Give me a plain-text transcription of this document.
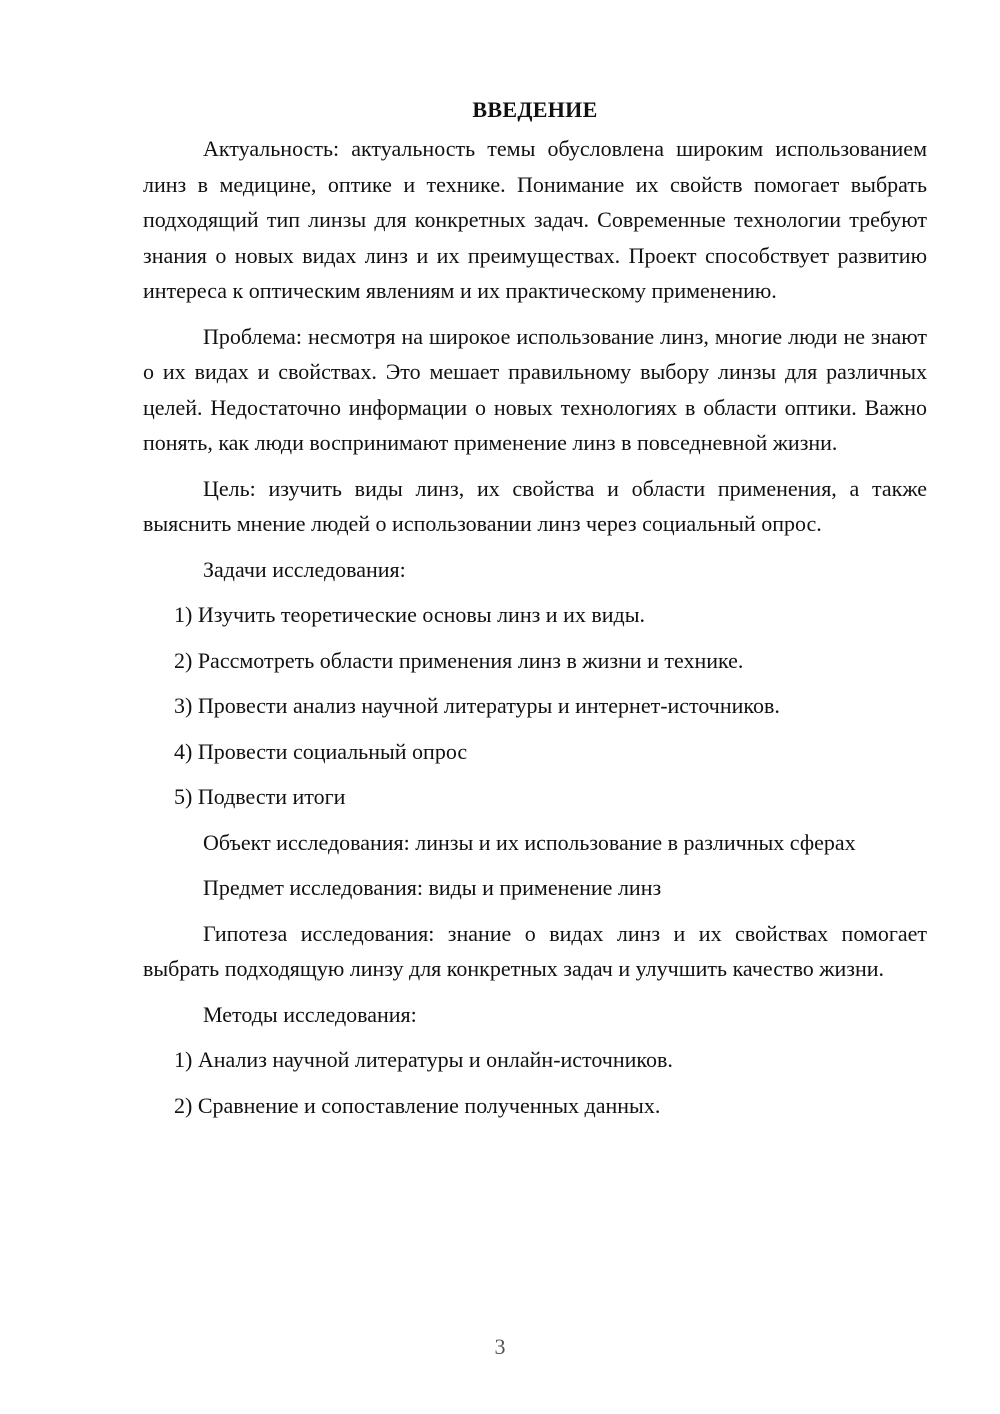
ВВЕДЕНИЕ

Актуальность: актуальность темы обусловлена широким использованием линз в медицине, оптике и технике. Понимание их свойств помогает выбрать подходящий тип линзы для конкретных задач. Современные технологии требуют знания о новых видах линз и их преимуществах. Проект способствует развитию интереса к оптическим явлениям и их практическому применению.

Проблема: несмотря на широкое использование линз, многие люди не знают о их видах и свойствах. Это мешает правильному выбору линзы для различных целей. Недостаточно информации о новых технологиях в области оптики. Важно понять, как люди воспринимают применение линз в повседневной жизни.

Цель: изучить виды линз, их свойства и области применения, а также выяснить мнение людей о использовании линз через социальный опрос.

Задачи исследования:

1) Изучить теоретические основы линз и их виды.
2) Рассмотреть области применения линз в жизни и технике.
3) Провести анализ научной литературы и интернет-источников.
4) Провести социальный опрос
5) Подвести итоги

Объект исследования: линзы и их использование в различных сферах

Предмет исследования: виды и применение линз

Гипотеза исследования: знание о видах линз и их свойствах помогает выбрать подходящую линзу для конкретных задач и улучшить качество жизни.

Методы исследования:

1) Анализ научной литературы и онлайн-источников.
2) Сравнение и сопоставление полученных данных.
3
